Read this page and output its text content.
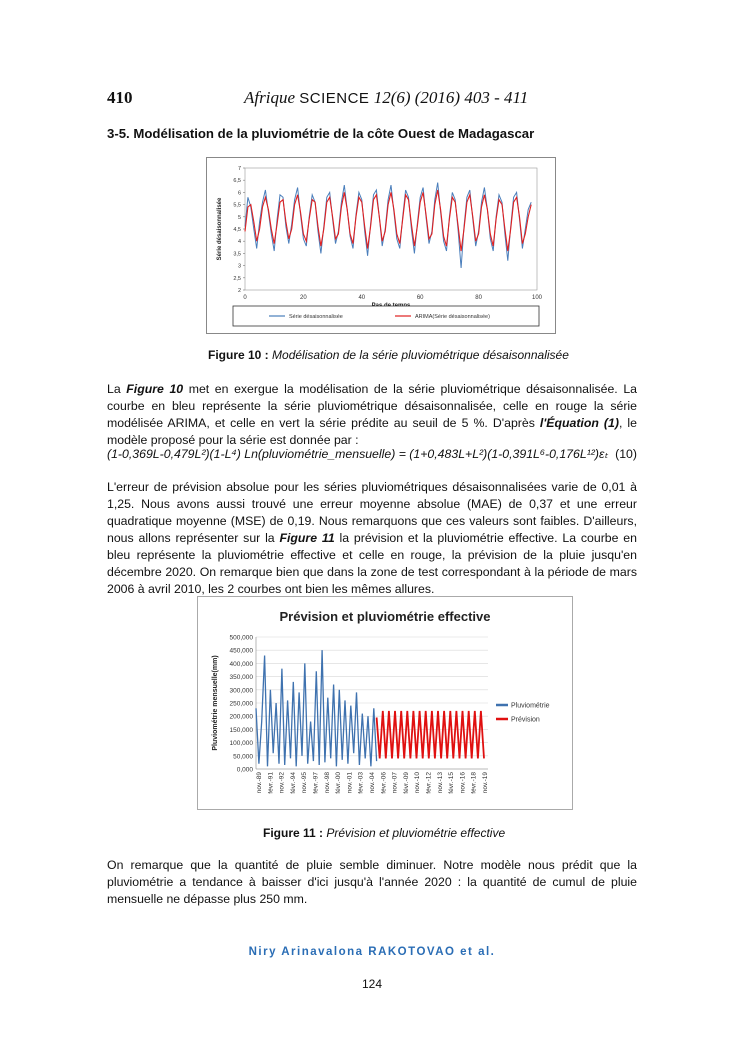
410	Afrique SCIENCE 12(6) (2016) 403 - 411
3-5. Modélisation de la pluviométrie de la côte Ouest de Madagascar
2
2,5
3
3,5
4
4,5
5
5,5
6
6,5
7
0	20	40	60	80	100
Série désaisonnalisée
Série désaisonnalisée	ARIMA(Série désaisonnalisée)
Figure 10 : Modélisation de la série pluviométrique désaisonnalisée
La Figure 10 met en exergue la modélisation de la série pluviométrique désaisonnalisée. La courbe en bleu représente la série pluviométrique désaisonnalisée, celle en rouge la série modélisée ARIMA, et celle en vert la série prédite au seuil de 5 %. D'après l'Équation (1), le modèle proposé pour la série est donnée par :
(1-0,369L-0,479L²)(1-L⁴) Ln(pluviométrie_mensuelle) = (1+0,483L+L²)(1-0,391L⁶-0,176L¹²)εₜ (10)
L'erreur de prévision absolue pour les séries pluviométriques désaisonnalisées varie de 0,01 à 1,25. Nous avons aussi trouvé une erreur moyenne absolue (MAE) de 0,37 et une erreur quadratique moyenne (MSE) de 0,19. Nous remarquons que ces valeurs sont faibles. D'ailleurs, nous allons représenter sur la Figure 11 la prévision et la pluviométrie effective. La courbe en bleu représente la pluviométrie effective et celle en rouge, la prévision de la pluie jusqu'en décembre 2020. On remarque bien que dans la zone de test correspondant à la période de mars 2006 à avril 2010, les 2 courbes ont bien les mêmes allures.
Prévision et pluviométrie effective
0,000
50,000
100,000
150,000
200,000
250,000
300,000
350,000
400,000
450,000
500,000
Pluviométrie mensuelle(mm)
nov.-89 févr.-91 nov.-92 févr.-94 nov.-95 févr.-97 nov.-98 févr.-00 nov.-01 févr.-03 nov.-04 févr.-06 nov.-07 févr.-09 nov.-10 févr.-12 nov.-13 févr.-15 nov.-16 févr.-18 nov.-19
Pluviométrie
Prévision
Figure 11 : Prévision et pluviométrie effective
On remarque que la quantité de pluie semble diminuer. Notre modèle nous prédit que la pluviométrie a tendance à baisser d'ici jusqu'à l'année 2020 : la quantité de cumul de pluie mensuelle ne dépasse plus 250 mm.
Niry Arinavalona RAKOTOVAO et al.
124
